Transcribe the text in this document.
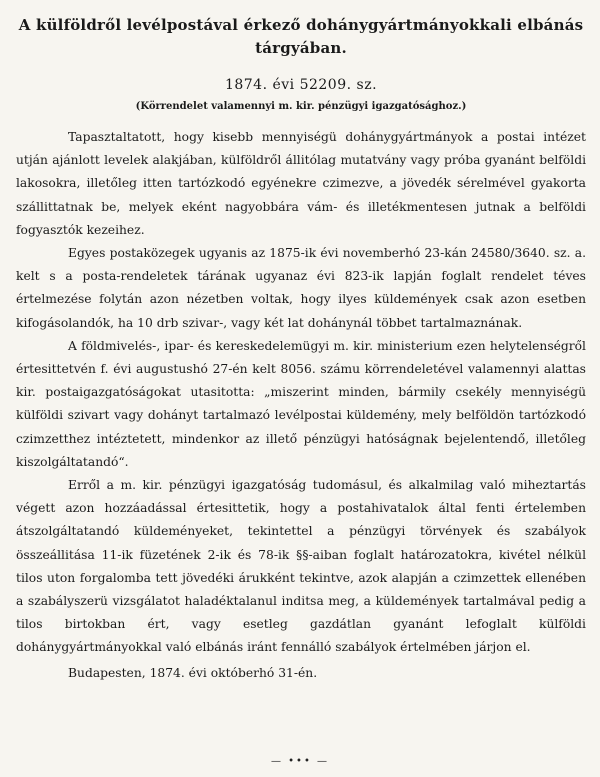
A külföldről levélpostával érkező dohánygyártmányokkali elbánás tárgyában.
1874. évi 52209. sz.
(Körrendelet valamennyi m. kir. pénzügyi igazgatósághoz.)

Tapasztaltatott, hogy kisebb mennyiségü dohánygyártmányok a postai intézet utján ajánlott levelek alakjában, külföldről állitólag mutatvány vagy próba gyanánt belföldi lakosokra, illetőleg itten tartózkodó egyénekre czimezve, a jövedék sérelmével gyakorta szállittatnak be, melyek eként nagyobbára vám- és illetékmentesen jutnak a belföldi fogyasztók kezeihez.

Egyes postaközegek ugyanis az 1875-ik évi novemberhó 23-kán 24580/3640. sz. a. kelt s a posta-rendeletek tárának ugyanaz évi 823-ik lapján foglalt rendelet téves értelmezése folytán azon nézetben voltak, hogy ilyes küldemények csak azon esetben kifogásolandók, ha 10 drb szivar-, vagy két lat dohánynál többet tartalmaznának.

A földmivelés-, ipar- és kereskedelemügyi m. kir. ministerium ezen helytelenségről értesittetvén f. évi augustushó 27-én kelt 8056. számu körrendeletével valamennyi alattas kir. postaigazgatóságokat utasitotta: „miszerint minden, bármily csekély mennyiségü külföldi szivart vagy dohányt tartalmazó levélpostai küldemény, mely belföldön tartózkodó czimzetthez intéztetett, mindenkor az illető pénzügyi hatóságnak bejelentendő, illetőleg kiszolgáltatandó“.

Erről a m. kir. pénzügyi igazgatóság tudomásul, és alkalmilag való miheztartás végett azon hozzáadással értesittetik, hogy a postahivatalok által fenti értelemben átszolgáltatandó küldeményeket, tekintettel a pénzügyi törvények és szabályok összeállitása 11-ik füzetének 2-ik és 78-ik §§-aiban foglalt határozatokra, kivétel nélkül tilos uton forgalomba tett jövedéki árukként tekintve, azok alapján a czimzettek ellenében a szabályszerü vizsgálatot haladéktalanul inditsa meg, a küldemények tartalmával pedig a tilos birtokban ért, vagy esetleg gazdátlan gyanánt lefoglalt külföldi dohánygyártmányokkal való elbánás iránt fennálló szabályok értelmében járjon el.

Budapesten, 1874. évi októberhó 31-én.

— ••• —
